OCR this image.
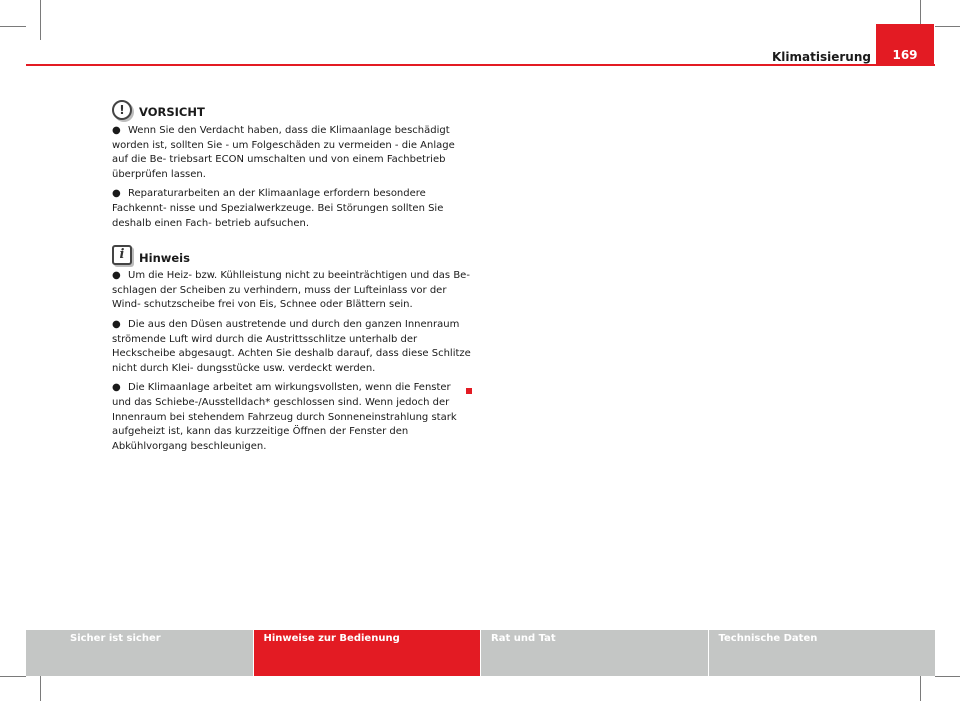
Klimatisierung	169
!	VORSICHT

● Wenn Sie den Verdacht haben, dass die Klimaanlage beschädigt worden ist, sollten Sie - um Folgeschäden zu vermeiden - die Anlage auf die Be- triebsart ECON umschalten und von einem Fachbetrieb überprüfen lassen.

● Reparaturarbeiten an der Klimaanlage erfordern besondere Fachkennt- nisse und Spezialwerkzeuge. Bei Störungen sollten Sie deshalb einen Fach- betrieb aufsuchen.

i	Hinweis

● Um die Heiz- bzw. Kühlleistung nicht zu beeinträchtigen und das Be- schlagen der Scheiben zu verhindern, muss der Lufteinlass vor der Wind- schutzscheibe frei von Eis, Schnee oder Blättern sein.

● Die aus den Düsen austretende und durch den ganzen Innenraum strömende Luft wird durch die Austrittsschlitze unterhalb der Heckscheibe abgesaugt. Achten Sie deshalb darauf, dass diese Schlitze nicht durch Klei- dungsstücke usw. verdeckt werden.

● Die Klimaanlage arbeitet am wirkungsvollsten, wenn die Fenster und das Schiebe-/Ausstelldach* geschlossen sind. Wenn jedoch der Innenraum bei stehendem Fahrzeug durch Sonneneinstrahlung stark aufgeheizt ist, kann das kurzzeitige Öffnen der Fenster den Abkühlvorgang beschleunigen.

Sicher ist sicher	Hinweise zur Bedienung	Rat und Tat	Technische Daten
